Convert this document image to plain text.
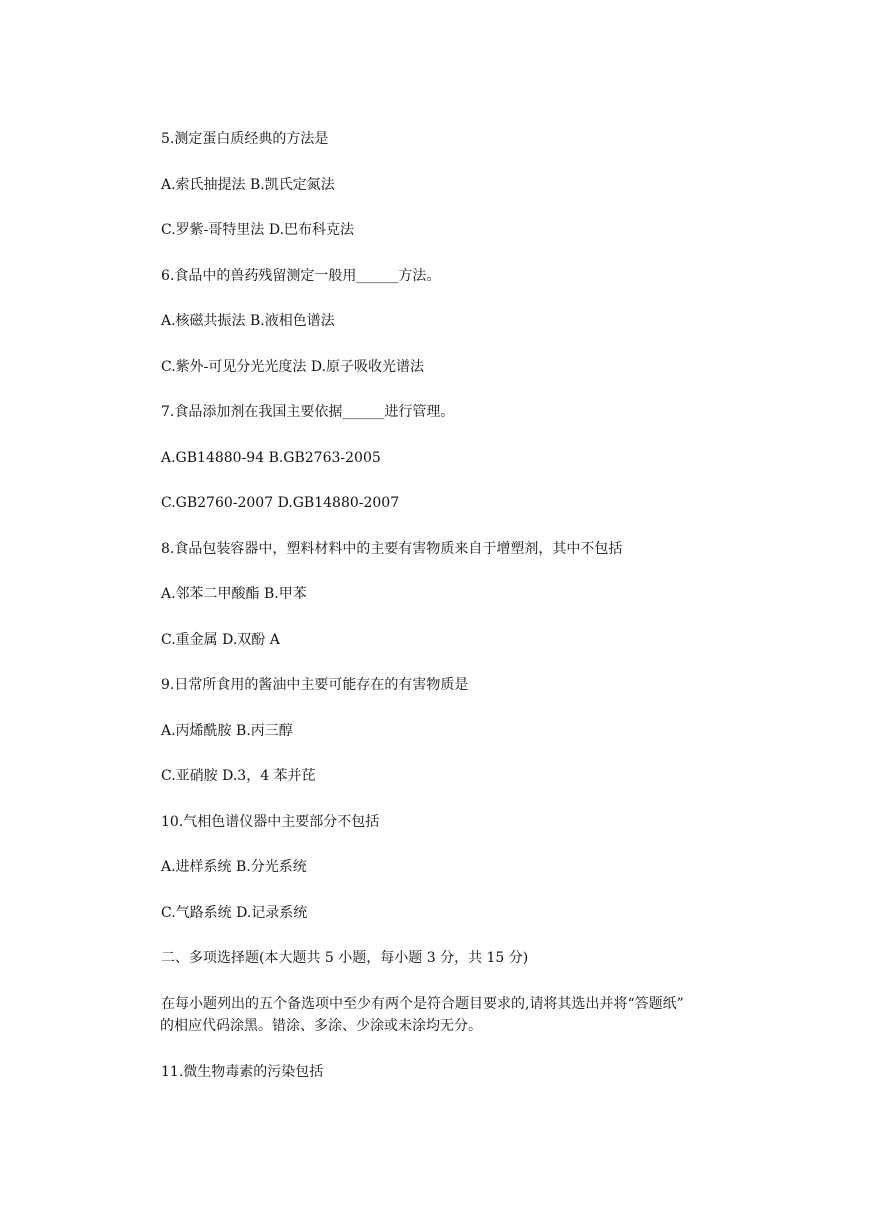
5.测定蛋白质经典的方法是
A.索氏抽提法 B.凯氏定氮法
C.罗紫-哥特里法 D.巴布科克法
6.食品中的兽药残留测定一般用______方法。
A.核磁共振法 B.液相色谱法
C.紫外-可见分光光度法 D.原子吸收光谱法
7.食品添加剂在我国主要依据______进行管理。
A.GB14880-94 B.GB2763-2005
C.GB2760-2007 D.GB14880-2007
8.食品包装容器中，塑料材料中的主要有害物质来自于增塑剂，其中不包括
A.邻苯二甲酸酯 B.甲苯
C.重金属 D.双酚 A
9.日常所食用的酱油中主要可能存在的有害物质是
A.丙烯酰胺 B.丙三醇
C.亚硝胺 D.3，4 苯并芘
10.气相色谱仪器中主要部分不包括
A.进样系统 B.分光系统
C.气路系统 D.记录系统
二、多项选择题(本大题共 5 小题，每小题 3 分，共 15 分)
在每小题列出的五个备选项中至少有两个是符合题目要求的,请将其选出并将“答题纸”
的相应代码涂黑。错涂、多涂、少涂或未涂均无分。
11.微生物毒素的污染包括
